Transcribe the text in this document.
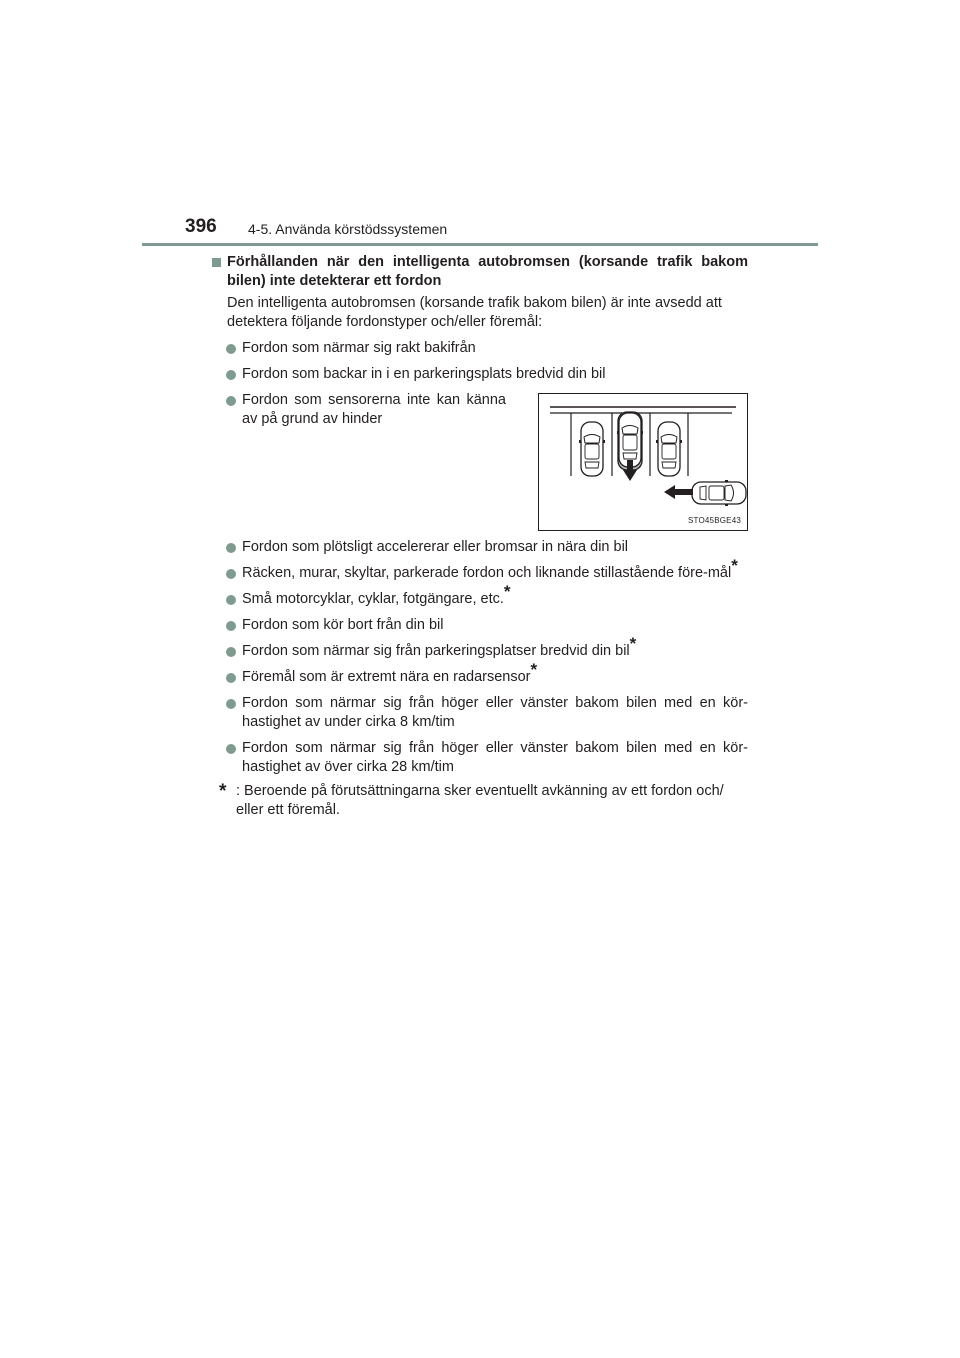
396 4-5. Använda körstödssystemen
Förhållanden när den intelligenta autobromsen (korsande trafik bakom bilen) inte detekterar ett fordon
Den intelligenta autobromsen (korsande trafik bakom bilen) är inte avsedd att detektera följande fordonstyper och/eller föremål:
Fordon som närmar sig rakt bakifrån
Fordon som backar in i en parkeringsplats bredvid din bil
Fordon som sensorerna inte kan känna av på grund av hinder
STO45BGE43
Fordon som plötsligt accelererar eller bromsar in nära din bil
Räcken, murar, skyltar, parkerade fordon och liknande stillastående före-mål*
Små motorcyklar, cyklar, fotgängare, etc.*
Fordon som kör bort från din bil
Fordon som närmar sig från parkeringsplatser bredvid din bil*
Föremål som är extremt nära en radarsensor*
Fordon som närmar sig från höger eller vänster bakom bilen med en kör-hastighet av under cirka 8 km/tim
Fordon som närmar sig från höger eller vänster bakom bilen med en kör-hastighet av över cirka 28 km/tim
* : Beroende på förutsättningarna sker eventuellt avkänning av ett fordon och/ eller ett föremål.
